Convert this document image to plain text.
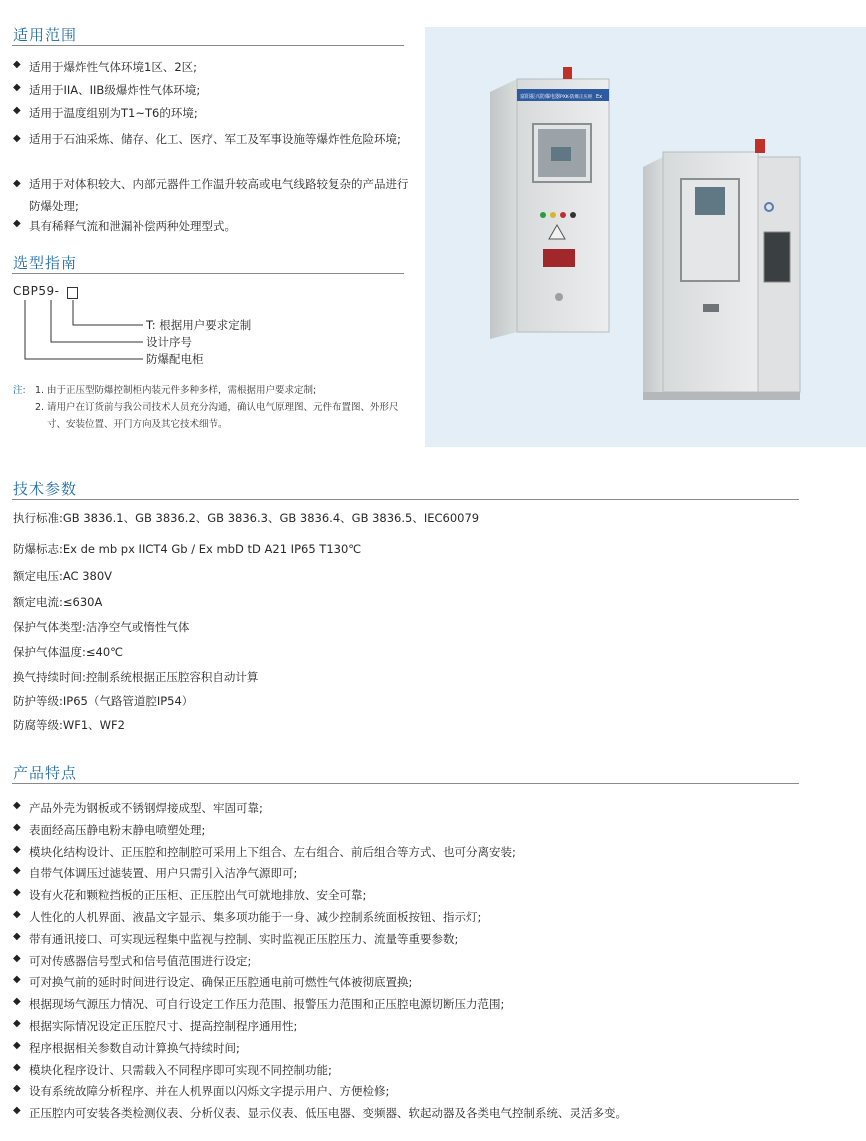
适用范围
◆ 适用于爆炸性气体环境1区、2区;
◆ 适用于IIA、IIB级爆炸性气体环境;
◆ 适用于温度组别为T1~T6的环境;
◆ 适用于石油采炼、储存、化工、医疗、军工及军事设施等爆炸性危险环境;
◆ 适用于对体积较大、内部元器件工作温升较高或电气线路较复杂的产品进行防爆处理;
◆ 具有稀释气流和泄漏补偿两种处理型式。
选型指南
CBP59-
T: 根据用户要求定制
设计序号
防爆配电柜
注: 1. 由于正压型防爆控制柜内装元件多种多样，需根据用户要求定制;
2. 请用户在订货前与我公司技术人员充分沟通，确认电气原理图、元件布置图、外形尺寸、安装位置、开门方向及其它技术细节。
富阳振兴防爆电器 PXK-防爆正压柜 Ex
技术参数
执行标准:GB 3836.1、GB 3836.2、GB 3836.3、GB 3836.4、GB 3836.5、IEC60079
防爆标志:Ex de mb px IICT4 Gb / Ex mbD tD A21 IP65 T130℃
额定电压:AC 380V
额定电流:≤630A
保护气体类型:洁净空气或惰性气体
保护气体温度:≤40℃
换气持续时间:控制系统根据正压腔容积自动计算
防护等级:IP65（气路管道腔IP54）
防腐等级:WF1、WF2
产品特点
◆ 产品外壳为钢板或不锈钢焊接成型、牢固可靠;
◆ 表面经高压静电粉末静电喷塑处理;
◆ 模块化结构设计、正压腔和控制腔可采用上下组合、左右组合、前后组合等方式、也可分离安装;
◆ 自带气体调压过滤装置、用户只需引入洁净气源即可;
◆ 设有火花和颗粒挡板的正压柜、正压腔出气可就地排放、安全可靠;
◆ 人性化的人机界面、液晶文字显示、集多项功能于一身、减少控制系统面板按钮、指示灯;
◆ 带有通讯接口、可实现远程集中监视与控制、实时监视正压腔压力、流量等重要参数;
◆ 可对传感器信号型式和信号值范围进行设定;
◆ 可对换气前的延时时间进行设定、确保正压腔通电前可燃性气体被彻底置换;
◆ 根据现场气源压力情况、可自行设定工作压力范围、报警压力范围和正压腔电源切断压力范围;
◆ 根据实际情况设定正压腔尺寸、提高控制程序通用性;
◆ 程序根据相关参数自动计算换气持续时间;
◆ 模块化程序设计、只需载入不同程序即可实现不同控制功能;
◆ 设有系统故障分析程序、并在人机界面以闪烁文字提示用户、方便检修;
◆ 正压腔内可安装各类检测仪表、分析仪表、显示仪表、低压电器、变频器、软起动器及各类电气控制系统、灵活多变。
